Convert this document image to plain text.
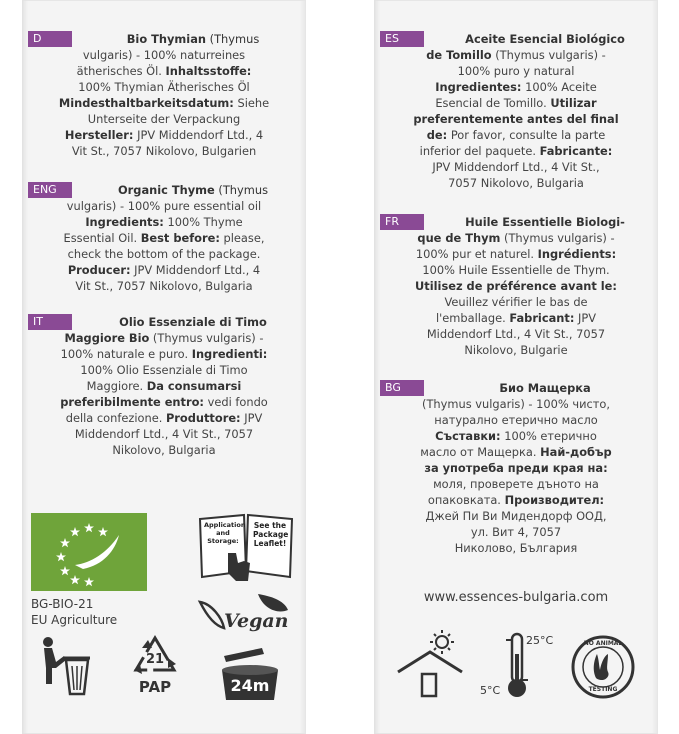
D	Bio Thymian (Thymus
vulgaris) - 100% naturreines
ätherisches Öl. Inhaltsstoffe:
100% Thymian Ätherisches Öl
Mindesthaltbarkeitsdatum: Siehe
Unterseite der Verpackung
Hersteller: JPV Middendorf Ltd., 4
Vit St., 7057 Nikolovo, Bulgarien
ENG	Organic Thyme (Thymus
vulgaris) - 100% pure essential oil
Ingredients: 100% Thyme
Essential Oil. Best before: please,
check the bottom of the package.
Producer: JPV Middendorf Ltd., 4
Vit St., 7057 Nikolovo, Bulgaria
IT	Olio Essenziale di Timo
Maggiore Bio (Thymus vulgaris) -
100% naturale e puro. Ingredienti:
100% Olio Essenziale di Timo
Maggiore. Da consumarsi
preferibilmente entro: vedi fondo
della confezione. Produttore: JPV
Middendorf Ltd., 4 Vit St., 7057
Nikolovo, Bulgaria
BG-BIO-21
EU Agriculture
Application and Storage:
See the Package Leaflet!
Vegan
21
PAP	24m
ES	Aceite Esencial Biológico
de Tomillo (Thymus vulgaris) -
100% puro y natural
Ingredientes: 100% Aceite
Esencial de Tomillo. Utilizar
preferentemente antes del final
de: Por favor, consulte la parte
inferior del paquete. Fabricante:
JPV Middendorf Ltd., 4 Vit St.,
7057 Nikolovo, Bulgaria
FR	Huile Essentielle Biologi-
que de Thym (Thymus vulgaris) -
100% pur et naturel. Ingrédients:
100% Huile Essentielle de Thym.
Utilisez de préférence avant le:
Veuillez vérifier le bas de
l'emballage. Fabricant: JPV
Middendorf Ltd., 4 Vit St., 7057
Nikolovo, Bulgarie
BG	Био Мащерка
(Thymus vulgaris) - 100% чисто,
натурално етерично масло
Съставки: 100% етерично
масло от Мащерка. Най-добър
за употреба преди края на:
моля, проверете дъното на
опаковката. Производител:
Джей Пи Ви Мидендорф ООД,
ул. Вит 4, 7057
Николово, България
www.essences-bulgaria.com
25°C
5°C
NO ANIMAL
TESTING
